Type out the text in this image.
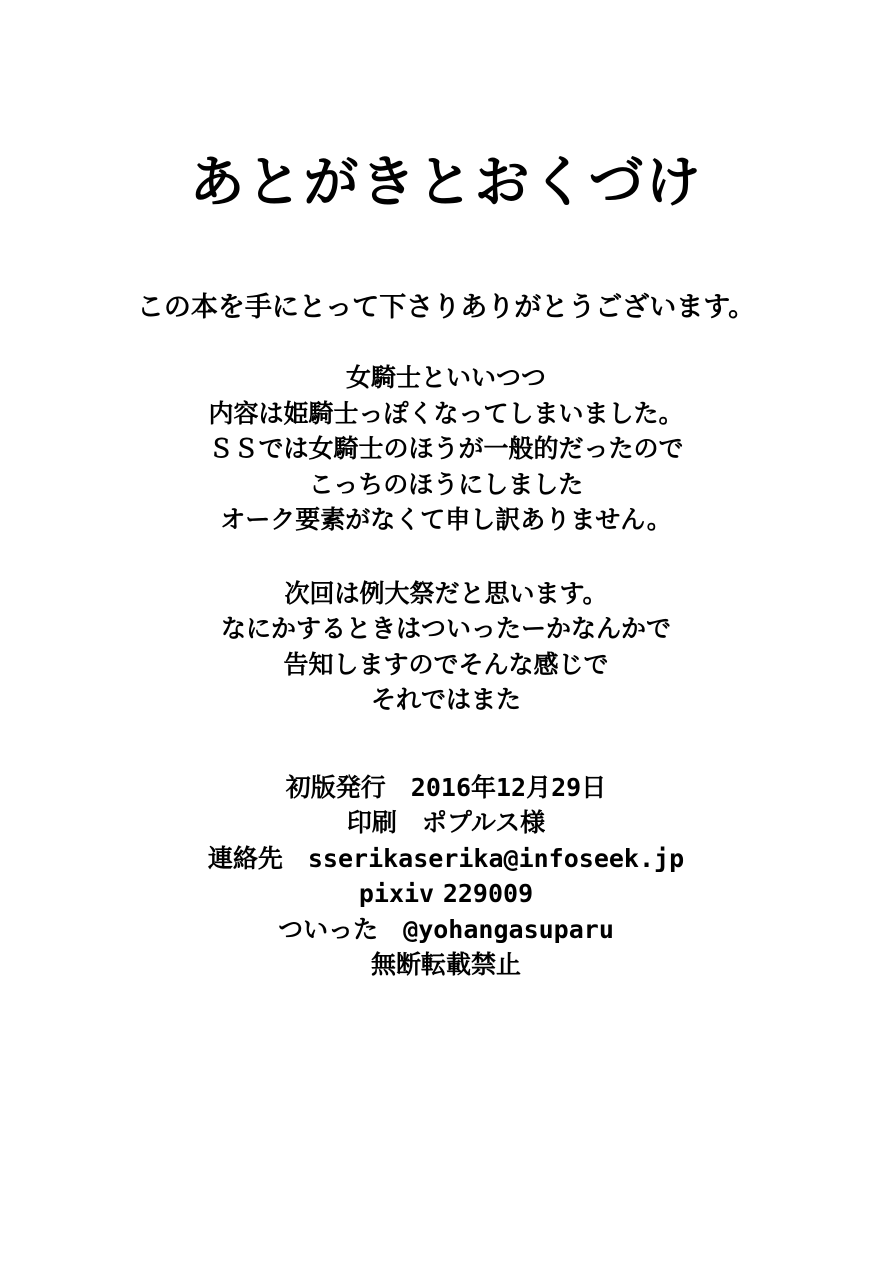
あとがきとおくづけ

この本を手にとって下さりありがとうございます。

女騎士といいつつ

内容は姫騎士っぽくなってしまいました。

ＳＳでは女騎士のほうが一般的だったので

こっちのほうにしました

オーク要素がなくて申し訳ありません。

次回は例大祭だと思います。

なにかするときはついったーかなんかで

告知しますのでそんな感じで

それではまた

初版発行　 2016年12月29日

印刷　 ポプルス様

連絡先　 sserikaserika@infoseek.jp

pixiv 229009

ついった　 @yohangasuparu

無断転載禁止
